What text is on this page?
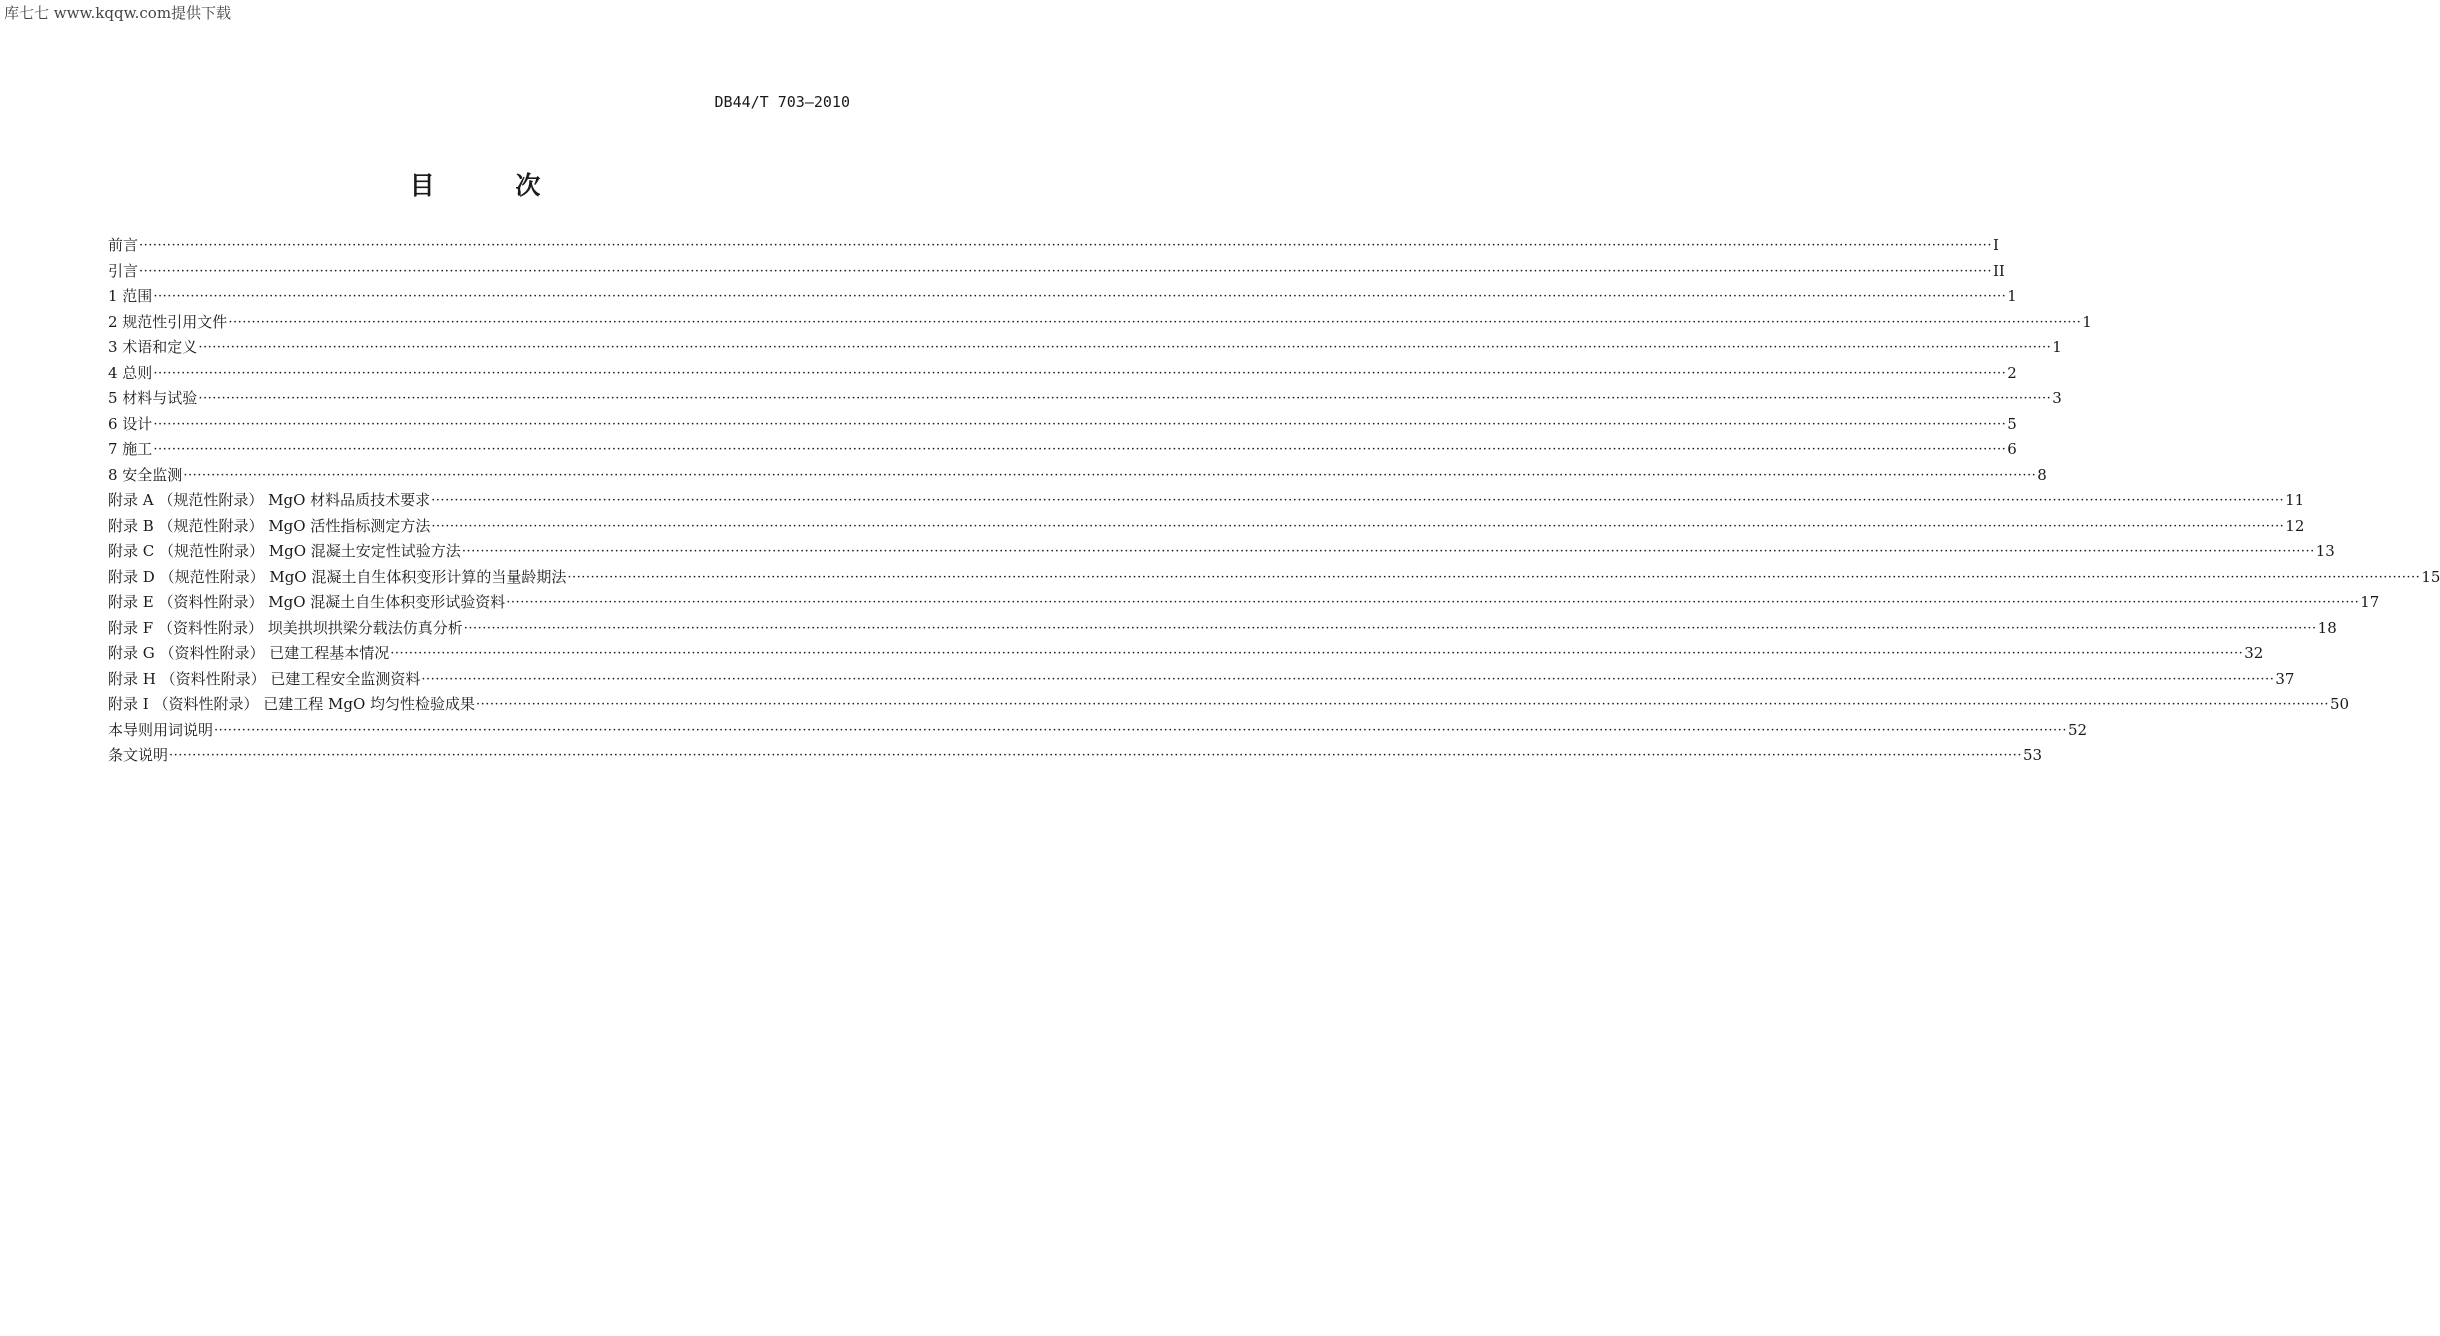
库七七 www.kqqw.com提供下载
DB44/T 703—2010
目 次
前言 ················································································································································································································································································································································································································ I
引言 ················································································································································································································································································································································································································ II
1 范围 ················································································································································································································································································································································································································ 1
2 规范性引用文件 ················································································································································································································································································································································································································ 1
3 术语和定义 ················································································································································································································································································································································································································ 1
4 总则 ················································································································································································································································································································································································································ 2
5 材料与试验 ················································································································································································································································································································································································································ 3
6 设计 ················································································································································································································································································································································································································ 5
7 施工 ················································································································································································································································································································································································································ 6
8 安全监测 ················································································································································································································································································································································································································ 8
附录 A （规范性附录） MgO 材料品质技术要求 ················································································································································································································································································································································································································ 11
附录 B （规范性附录） MgO 活性指标测定方法 ················································································································································································································································································································································································································ 12
附录 C （规范性附录） MgO 混凝土安定性试验方法 ················································································································································································································································································································································································································ 13
附录 D （规范性附录） MgO 混凝土自生体积变形计算的当量龄期法 ················································································································································································································································································································································································································ 15
附录 E （资料性附录） MgO 混凝土自生体积变形试验资料 ················································································································································································································································································································································································································ 17
附录 F （资料性附录） 坝美拱坝拱梁分载法仿真分析 ················································································································································································································································································································································································································ 18
附录 G （资料性附录） 已建工程基本情况 ················································································································································································································································································································································································································ 32
附录 H （资料性附录） 已建工程安全监测资料 ················································································································································································································································································································································································································ 37
附录 I （资料性附录） 已建工程 MgO 均匀性检验成果 ················································································································································································································································································································································································································ 50
本导则用词说明 ················································································································································································································································································································································································································ 52
条文说明 ················································································································································································································································································································································································································ 53
